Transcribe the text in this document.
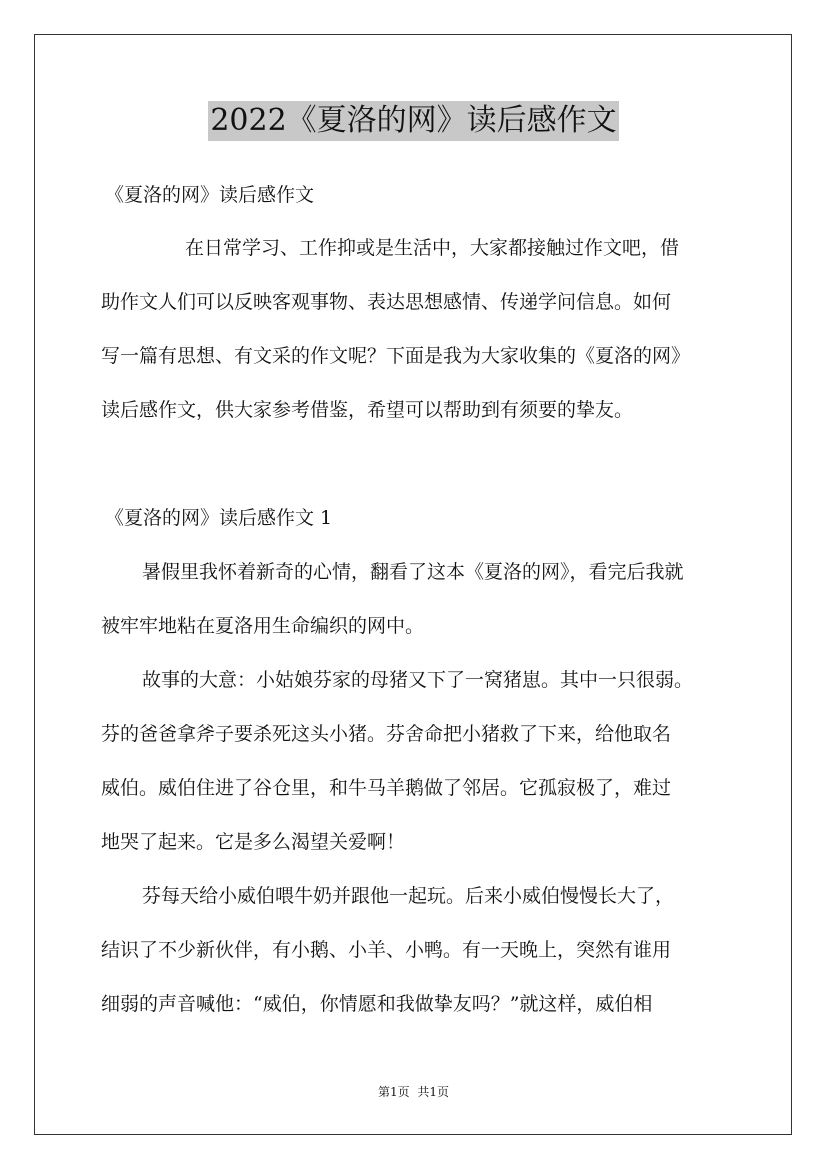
2022《夏洛的网》读后感作文
《夏洛的网》读后感作文
在日常学习、工作抑或是生活中，大家都接触过作文吧，借
助作文人们可以反映客观事物、表达思想感情、传递学问信息。如何
写一篇有思想、有文采的作文呢？下面是我为大家收集的《夏洛的网》
读后感作文，供大家参考借鉴，希望可以帮助到有须要的挚友。
《夏洛的网》读后感作文 1
暑假里我怀着新奇的心情，翻看了这本《夏洛的网》，看完后我就
被牢牢地粘在夏洛用生命编织的网中。
故事的大意：小姑娘芬家的母猪又下了一窝猪崽。其中一只很弱。
芬的爸爸拿斧子要杀死这头小猪。芬舍命把小猪救了下来，给他取名
威伯。威伯住进了谷仓里，和牛马羊鹅做了邻居。它孤寂极了，难过
地哭了起来。它是多么渴望关爱啊！
芬每天给小威伯喂牛奶并跟他一起玩。后来小威伯慢慢长大了，
结识了不少新伙伴，有小鹅、小羊、小鸭。有一天晚上，突然有谁用
细弱的声音喊他：“威伯，你情愿和我做挚友吗？”就这样，威伯相
第1页 共1页
